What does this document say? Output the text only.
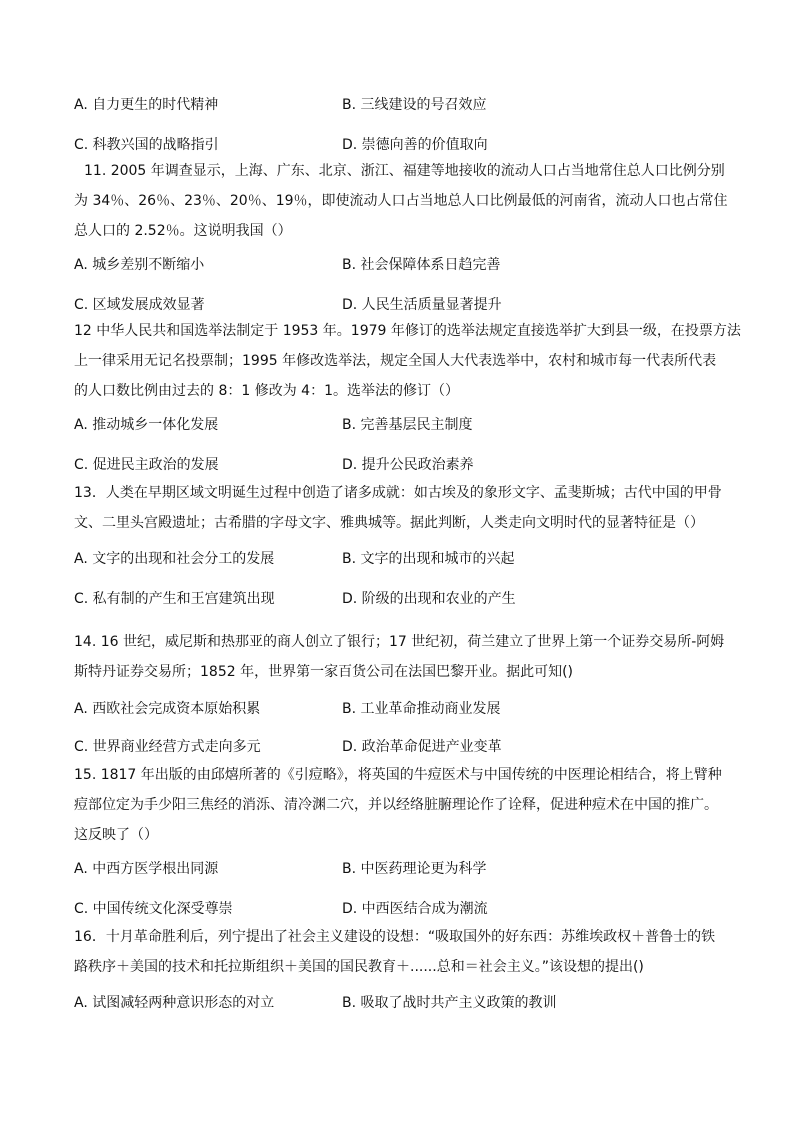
A. 自力更生的时代精神	B. 三线建设的号召效应
C. 科教兴国的战略指引	D. 崇德向善的价值取向
11. 2005 年调查显示，上海、广东、北京、浙江、福建等地接收的流动人口占当地常住总人口比例分别
为 34％、26％、23％、20％、19％，即使流动人口占当地总人口比例最低的河南省，流动人口也占常住
总人口的 2.52％。这说明我国（）
A. 城乡差别不断缩小	B. 社会保障体系日趋完善
C. 区域发展成效显著	D. 人民生活质量显著提升
12 中华人民共和国选举法制定于 1953 年。1979 年修订的选举法规定直接选举扩大到县一级，在投票方法
上一律采用无记名投票制；1995 年修改选举法，规定全国人大代表选举中，农村和城市每一代表所代表
的人口数比例由过去的 8：1 修改为 4：1。选举法的修订（）
A. 推动城乡一体化发展	B. 完善基层民主制度
C. 促进民主政治的发展	D. 提升公民政治素养
13．人类在早期区域文明诞生过程中创造了诸多成就：如古埃及的象形文字、孟斐斯城；古代中国的甲骨
文、二里头宫殿遗址；古希腊的字母文字、雅典城等。据此判断，人类走向文明时代的显著特征是（）
A. 文字的出现和社会分工的发展	B. 文字的出现和城市的兴起
C. 私有制的产生和王宫建筑出现	D. 阶级的出现和农业的产生
14. 16 世纪，威尼斯和热那亚的商人创立了银行；17 世纪初，荷兰建立了世界上第一个证券交易所-阿姆
斯特丹证券交易所；1852 年，世界第一家百货公司在法国巴黎开业。据此可知()
A. 西欧社会完成资本原始积累	B. 工业革命推动商业发展
C. 世界商业经营方式走向多元	D. 政治革命促进产业变革
15. 1817 年出版的由邱熺所著的《引痘略》，将英国的牛痘医术与中国传统的中医理论相结合，将上臂种
痘部位定为手少阳三焦经的消泺、清冷渊二穴，并以经络脏腑理论作了诠释，促进种痘术在中国的推广。
这反映了（）
A. 中西方医学根出同源	B. 中医药理论更为科学
C. 中国传统文化深受尊崇	D. 中西医结合成为潮流
16．十月革命胜利后，列宁提出了社会主义建设的设想：“吸取国外的好东西：苏维埃政权＋普鲁士的铁
路秩序＋美国的技术和托拉斯组织＋美国的国民教育＋......总和＝社会主义。”该设想的提出()
A. 试图减轻两种意识形态的对立	B. 吸取了战时共产主义政策的教训
